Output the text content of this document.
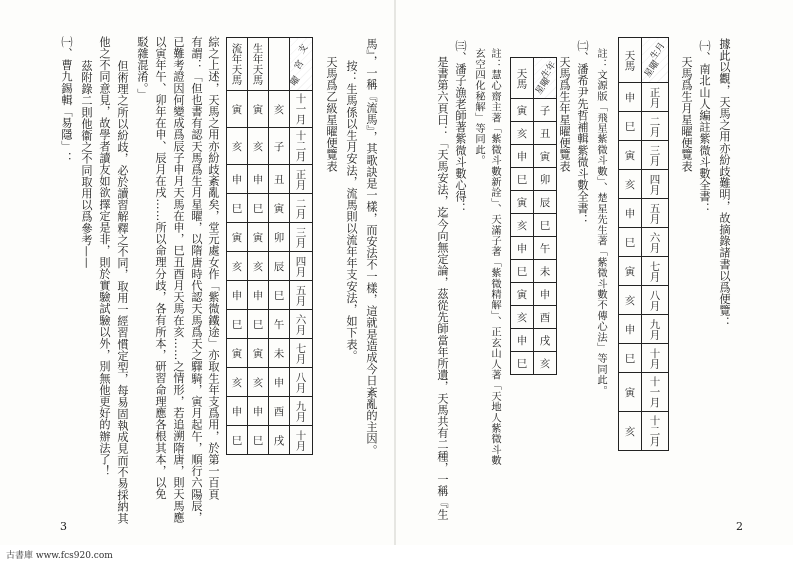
馬』，一稱『流馬』，其歌訣是一樣，而安法不一樣，這就是造成今日紊亂的主因。
按：生馬係以生月安法，流馬則以流年年支安法，如下表。
天馬爲乙級星曜便覽表
流年天馬	生年天馬		支
宮
曜

寅	寅	亥	十一月
亥	亥	子	十二月
申	申	丑	正月
巳	巳	寅	二月
寅	寅	卯	三月
亥	亥	辰	四月
申	申	巳	五月
巳	巳	午	六月
寅	寅	未	七月
亥	亥	申	八月
申	申	酉	九月
巳	巳	戌	十月
綜之上述，天馬之用亦紛歧紊亂矣，堂元處女作「紫微鐵途」亦取生年支爲用，於第一百頁
有謂：「但也書有認天馬爲生月星曜，以隋唐時代認天馬爲天之驛騎，寅月起午，順行六陽辰，
已難考證因何變成爲辰子申月天馬在申，巳丑酉月天馬在亥……之情形，若追溯隋唐，則天馬應
以寅年午、卯年在申、辰月在戌……所以命理分歧，各有所本，研習命理應各根其本，以免
駁雜混淆。」
但術理之所以紛歧，必於讀習解釋之不同，取用一經習慣定型，每易固執成見而不易採納其
他之不同意見，故學者讀友如欲擇定是非，則於實驗試驗以外，別無他更好的辦法了！
茲附錄二則他衞之不同取用以爲參考——
㈠、曹九錫輯「易隱」：
3
據此以觀，天馬之用亦紛歧難明，故摘錄諸書以爲便覽：
㈠、南北山人編註紫微斗數全書：
天馬爲生月星曜便覽表
天馬	生月
星曜

申	正月
巳	二月
寅	三月
亥	四月
申	五月
巳	六月
寅	七月
亥	八月
申	九月
巳	十月
寅	十一月
亥	十二月
註：文源版「飛星紫微斗數」、楚星先生著「紫微斗數不傳心法」等同此。
㈡、潘希尹先哲補輯紫微斗數全書：
天馬爲生年星曜便覽表
天馬	生年
星曜

寅	子
亥	丑
申	寅
巳	卯
寅	辰
亥	巳
申	午
巳	未
寅	申
亥	酉
申	戌
巳	亥
註：慧心齋主著「紫微斗數新詮」、天滿子著「紫微精解」、正玄山人著「天地人紫微斗數
玄空四化秘解」等同此。
㈢、潘子漁老師著紫微斗數心得：
是書第六頁曰：「天馬安法，迄今向無定論，茲從先師當年所遺，天馬共有二種，一稱『生
2
古書庫 www.fcs920.com
